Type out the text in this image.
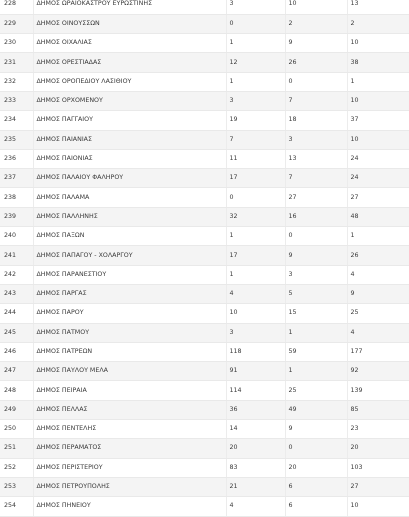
228	ΔΗΜΟΣ ΩΡΑΙΟΚΑΣΤΡΟΥ ΕΥΡΩΣΤΙΝΗΣ	3	10	13
229	ΔΗΜΟΣ ΟΙΝΟΥΣΣΩΝ	0	2	2
230	ΔΗΜΟΣ ΟΙΧΑΛΙΑΣ	1	9	10
231	ΔΗΜΟΣ ΟΡΕΣΤΙΑΔΑΣ	12	26	38
232	ΔΗΜΟΣ ΟΡΟΠΕΔΙΟΥ ΛΑΣΙΘΙΟΥ	1	0	1
233	ΔΗΜΟΣ ΟΡΧΟΜΕΝΟΥ	3	7	10
234	ΔΗΜΟΣ ΠΑΓΓΑΙΟΥ	19	18	37
235	ΔΗΜΟΣ ΠΑΙΑΝΙΑΣ	7	3	10
236	ΔΗΜΟΣ ΠΑΙΟΝΙΑΣ	11	13	24
237	ΔΗΜΟΣ ΠΑΛΑΙΟΥ ΦΑΛΗΡΟΥ	17	7	24
238	ΔΗΜΟΣ ΠΑΛΑΜΑ	0	27	27
239	ΔΗΜΟΣ ΠΑΛΛΗΝΗΣ	32	16	48
240	ΔΗΜΟΣ ΠΑΞΩΝ	1	0	1
241	ΔΗΜΟΣ ΠΑΠΑΓΟΥ - ΧΟΛΑΡΓΟΥ	17	9	26
242	ΔΗΜΟΣ ΠΑΡΑΝΕΣΤΙΟΥ	1	3	4
243	ΔΗΜΟΣ ΠΑΡΓΑΣ	4	5	9
244	ΔΗΜΟΣ ΠΑΡΟΥ	10	15	25
245	ΔΗΜΟΣ ΠΑΤΜΟΥ	3	1	4
246	ΔΗΜΟΣ ΠΑΤΡΕΩΝ	118	59	177
247	ΔΗΜΟΣ ΠΑΥΛΟΥ ΜΕΛΑ	91	1	92
248	ΔΗΜΟΣ ΠΕΙΡΑΙΑ	114	25	139
249	ΔΗΜΟΣ ΠΕΛΛΑΣ	36	49	85
250	ΔΗΜΟΣ ΠΕΝΤΕΛΗΣ	14	9	23
251	ΔΗΜΟΣ ΠΕΡΑΜΑΤΟΣ	20	0	20
252	ΔΗΜΟΣ ΠΕΡΙΣΤΕΡΙΟΥ	83	20	103
253	ΔΗΜΟΣ ΠΕΤΡΟΥΠΟΛΗΣ	21	6	27
254	ΔΗΜΟΣ ΠΗΝΕΙΟΥ	4	6	10
